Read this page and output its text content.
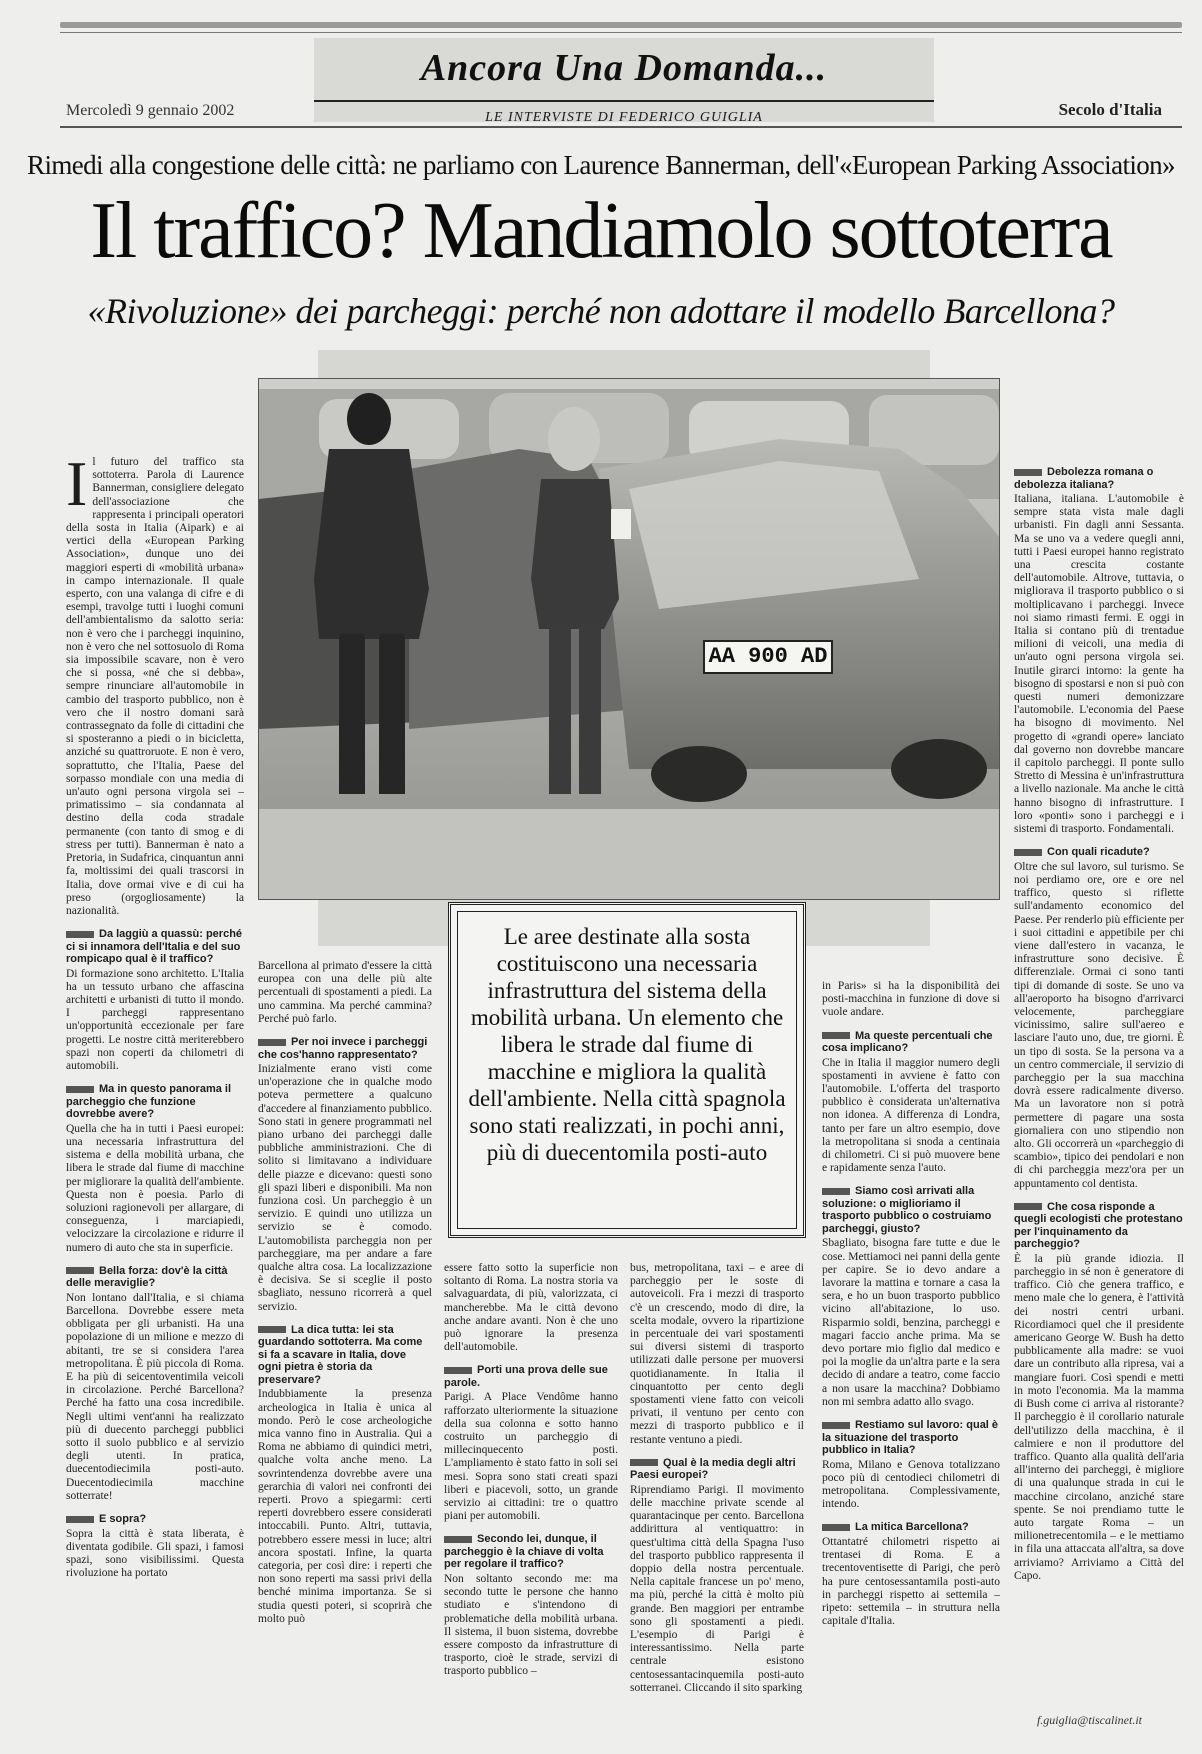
Ancora Una Domanda...
LE INTERVISTE DI FEDERICO GUIGLIA
Mercoledì 9 gennaio 2002	Secolo d'Italia
Rimedi alla congestione delle città: ne parliamo con Laurence Bannerman, dell'«European Parking Association»
Il traffico? Mandiamolo sottoterra
«Rivoluzione» dei parcheggi: perché non adottare il modello Barcellona?
AA 900 AD
Le aree destinate alla sosta costituiscono una necessaria infrastruttura del sistema della mobilità urbana. Un elemento che libera le strade dal fiume di macchine e migliora la qualità dell'ambiente. Nella città spagnola sono stati realizzati, in pochi anni, più di duecentomila posti-auto

Il futuro del traffico sta sottoterra. Parola di Laurence Bannerman, consigliere delegato dell'associazione che rappresenta i principali operatori della sosta in Italia (Aipark) e ai vertici della «European Parking Association», dunque uno dei maggiori esperti di «mobilità urbana» in campo internazionale. Il quale esperto, con una valanga di cifre e di esempi, travolge tutti i luoghi comuni dell'ambientalismo da salotto seria: non è vero che i parcheggi inquinino, non è vero che nel sottosuolo di Roma sia impossibile scavare, non è vero che si possa, «né che si debba», sempre rinunciare all'automobile in cambio del trasporto pubblico, non è vero che il nostro domani sarà contrassegnato da folle di cittadini che si sposteranno a piedi o in bicicletta, anziché su quattroruote. E non è vero, soprattutto, che l'Italia, Paese del sorpasso mondiale con una media di un'auto ogni persona virgola sei – primatissimo – sia condannata al destino della coda stradale permanente (con tanto di smog e di stress per tutti). Bannerman è nato a Pretoria, in Sudafrica, cinquantun anni fa, moltissimi dei quali trascorsi in Italia, dove ormai vive e di cui ha preso (orgogliosamente) la nazionalità.

Da laggiù a quassù: perché ci si innamora dell'Italia e del suo rompicapo qual è il traffico?

Di formazione sono architetto. L'Italia ha un tessuto urbano che affascina architetti e urbanisti di tutto il mondo. I parcheggi rappresentano un'opportunità eccezionale per fare progetti. Le nostre città meriterebbero spazi non coperti da chilometri di automobili.

Ma in questo panorama il parcheggio che funzione dovrebbe avere?

Quella che ha in tutti i Paesi europei: una necessaria infrastruttura del sistema e della mobilità urbana, che libera le strade dal fiume di macchine per migliorare la qualità dell'ambiente. Questa non è poesia. Parlo di soluzioni ragionevoli per allargare, di conseguenza, i marciapiedi, velocizzare la circolazione e ridurre il numero di auto che sta in superficie.

Bella forza: dov'è la città delle meraviglie?

Non lontano dall'Italia, e si chiama Barcellona. Dovrebbe essere meta obbligata per gli urbanisti. Ha una popolazione di un milione e mezzo di abitanti, tre se si considera l'area metropolitana. È più piccola di Roma. E ha più di seicentoventimila veicoli in circolazione. Perché Barcellona? Perché ha fatto una cosa incredibile. Negli ultimi vent'anni ha realizzato più di duecento parcheggi pubblici sotto il suolo pubblico e al servizio degli utenti. In pratica, duecentodiecimila posti-auto. Duecentodiecimila macchine sotterrate!

E sopra?

Sopra la città è stata liberata, è diventata godibile. Gli spazi, i famosi spazi, sono visibilissimi. Questa rivoluzione ha portato

Barcellona al primato d'essere la città europea con una delle più alte percentuali di spostamenti a piedi. La uno cammina. Ma perché cammina? Perché può farlo.

Per noi invece i parcheggi che cos'hanno rappresentato?

Inizialmente erano visti come un'operazione che in qualche modo poteva permettere a qualcuno d'accedere al finanziamento pubblico. Sono stati in genere programmati nel piano urbano dei parcheggi dalle pubbliche amministrazioni. Che di solito si limitavano a individuare delle piazze e dicevano: questi sono gli spazi liberi e disponibili. Ma non funziona così. Un parcheggio è un servizio. E quindi uno utilizza un servizio se è comodo. L'automobilista parcheggia non per parcheggiare, ma per andare a fare qualche altra cosa. La localizzazione è decisiva. Se si sceglie il posto sbagliato, nessuno ricorrerà a quel servizio.

La dica tutta: lei sta guardando sottoterra. Ma come si fa a scavare in Italia, dove ogni pietra è storia da preservare?

Indubbiamente la presenza archeologica in Italia è unica al mondo. Però le cose archeologiche mica vanno fino in Australia. Qui a Roma ne abbiamo di quindici metri, qualche volta anche meno. La sovrintendenza dovrebbe avere una gerarchia di valori nei confronti dei reperti. Provo a spiegarmi: certi reperti dovrebbero essere considerati intoccabili. Punto. Altri, tuttavia, potrebbero essere messi in luce; altri ancora spostati. Infine, la quarta categoria, per così dire: i reperti che non sono reperti ma sassi privi della benché minima importanza. Se si studia questi poteri, si scoprirà che molto può

essere fatto sotto la superficie non soltanto di Roma. La nostra storia va salvaguardata, di più, valorizzata, ci mancherebbe. Ma le città devono anche andare avanti. Non è che uno può ignorare la presenza dell'automobile.

Porti una prova delle sue parole.

Parigi. A Place Vendôme hanno rafforzato ulteriormente la situazione della sua colonna e sotto hanno costruito un parcheggio di millecinquecento posti. L'ampliamento è stato fatto in soli sei mesi. Sopra sono stati creati spazi liberi e piacevoli, sotto, un grande servizio ai cittadini: tre o quattro piani per automobili.

Secondo lei, dunque, il parcheggio è la chiave di volta per regolare il traffico?

Non soltanto secondo me: ma secondo tutte le persone che hanno studiato e s'intendono di problematiche della mobilità urbana. Il sistema, il buon sistema, dovrebbe essere composto da infrastrutture di trasporto, cioè le strade, servizi di trasporto pubblico –

bus, metropolitana, taxi – e aree di parcheggio per le soste di autoveicoli. Fra i mezzi di trasporto c'è un crescendo, modo di dire, la scelta modale, ovvero la ripartizione in percentuale dei vari spostamenti sui diversi sistemi di trasporto utilizzati dalle persone per muoversi quotidianamente. In Italia il cinquantotto per cento degli spostamenti viene fatto con veicoli privati, il ventuno per cento con mezzi di trasporto pubblico e il restante ventuno a piedi.

Qual è la media degli altri Paesi europei?

Riprendiamo Parigi. Il movimento delle macchine private scende al quarantacinque per cento. Barcellona addirittura al ventiquattro: in quest'ultima città della Spagna l'uso del trasporto pubblico rappresenta il doppio della nostra percentuale. Nella capitale francese un po' meno, ma più, perché la città è molto più grande. Ben maggiori per entrambe sono gli spostamenti a piedi. L'esempio di Parigi è interessantissimo. Nella parte centrale esistono centosessantacinquemila posti-auto sotterranei. Cliccando il sito sparking

in Paris» si ha la disponibilità dei posti-macchina in funzione di dove si vuole andare.

Ma queste percentuali che cosa implicano?

Che in Italia il maggior numero degli spostamenti in avviene è fatto con l'automobile. L'offerta del trasporto pubblico è considerata un'alternativa non idonea. A differenza di Londra, tanto per fare un altro esempio, dove la metropolitana si snoda a centinaia di chilometri. Ci si può muovere bene e rapidamente senza l'auto.

Siamo così arrivati alla soluzione: o miglioriamo il trasporto pubblico o costruiamo parcheggi, giusto?

Sbagliato, bisogna fare tutte e due le cose. Mettiamoci nei panni della gente per capire. Se io devo andare a lavorare la mattina e tornare a casa la sera, e ho un buon trasporto pubblico vicino all'abitazione, lo uso. Risparmio soldi, benzina, parcheggi e magari faccio anche prima. Ma se devo portare mio figlio dal medico e poi la moglie da un'altra parte e la sera decido di andare a teatro, come faccio a non usare la macchina? Dobbiamo non mi sembra adatto allo svago.

Restiamo sul lavoro: qual è la situazione del trasporto pubblico in Italia?

Roma, Milano e Genova totalizzano poco più di centodieci chilometri di metropolitana. Complessivamente, intendo.

La mitica Barcellona?

Ottantatré chilometri rispetto ai trentasei di Roma. E a trecentoventisette di Parigi, che però ha pure centosessantamila posti-auto in parcheggi rispetto ai settemila – ripeto: settemila – in struttura nella capitale d'Italia.

Debolezza romana o debolezza italiana?

Italiana, italiana. L'automobile è sempre stata vista male dagli urbanisti. Fin dagli anni Sessanta. Ma se uno va a vedere quegli anni, tutti i Paesi europei hanno registrato una crescita costante dell'automobile. Altrove, tuttavia, o migliorava il trasporto pubblico o si moltiplicavano i parcheggi. Invece noi siamo rimasti fermi. E oggi in Italia si contano più di trentadue milioni di veicoli, una media di un'auto ogni persona virgola sei. Inutile girarci intorno: la gente ha bisogno di spostarsi e non si può con questi numeri demonizzare l'automobile. L'economia del Paese ha bisogno di movimento. Nel progetto di «grandi opere» lanciato dal governo non dovrebbe mancare il capitolo parcheggi. Il ponte sullo Stretto di Messina è un'infrastruttura a livello nazionale. Ma anche le città hanno bisogno di infrastrutture. I loro «ponti» sono i parcheggi e i sistemi di trasporto. Fondamentali.

Con quali ricadute?

Oltre che sul lavoro, sul turismo. Se noi perdiamo ore, ore e ore nel traffico, questo si riflette sull'andamento economico del Paese. Per renderlo più efficiente per i suoi cittadini e appetibile per chi viene dall'estero in vacanza, le infrastrutture sono decisive. È differenziale. Ormai ci sono tanti tipi di domande di soste. Se uno va all'aeroporto ha bisogno d'arrivarci velocemente, parcheggiare vicinissimo, salire sull'aereo e lasciare l'auto uno, due, tre giorni. È un tipo di sosta. Se la persona va a un centro commerciale, il servizio di parcheggio per la sua macchina dovrà essere radicalmente diverso. Ma un lavoratore non si potrà permettere di pagare una sosta giornaliera con uno stipendio non alto. Gli occorrerà un «parcheggio di scambio», tipico dei pendolari e non di chi parcheggia mezz'ora per un appuntamento col dentista.

Che cosa risponde a quegli ecologisti che protestano per l'inquinamento da parcheggio?

È la più grande idiozia. Il parcheggio in sé non è generatore di traffico. Ciò che genera traffico, e meno male che lo genera, è l'attività dei nostri centri urbani. Ricordiamoci quel che il presidente americano George W. Bush ha detto pubblicamente alla madre: se vuoi dare un contributo alla ripresa, vai a mangiare fuori. Così spendi e metti in moto l'economia. Ma la mamma di Bush come ci arriva al ristorante? Il parcheggio è il corollario naturale dell'utilizzo della macchina, è il calmiere e non il produttore del traffico. Quanto alla qualità dell'aria all'interno dei parcheggi, è migliore di una qualunque strada in cui le macchine circolano, anziché stare spente. Se noi prendiamo tutte le auto targate Roma – un milionetrecentomila – e le mettiamo in fila una attaccata all'altra, sa dove arriviamo? Arriviamo a Città del Capo.

f.guiglia@tiscalinet.it
